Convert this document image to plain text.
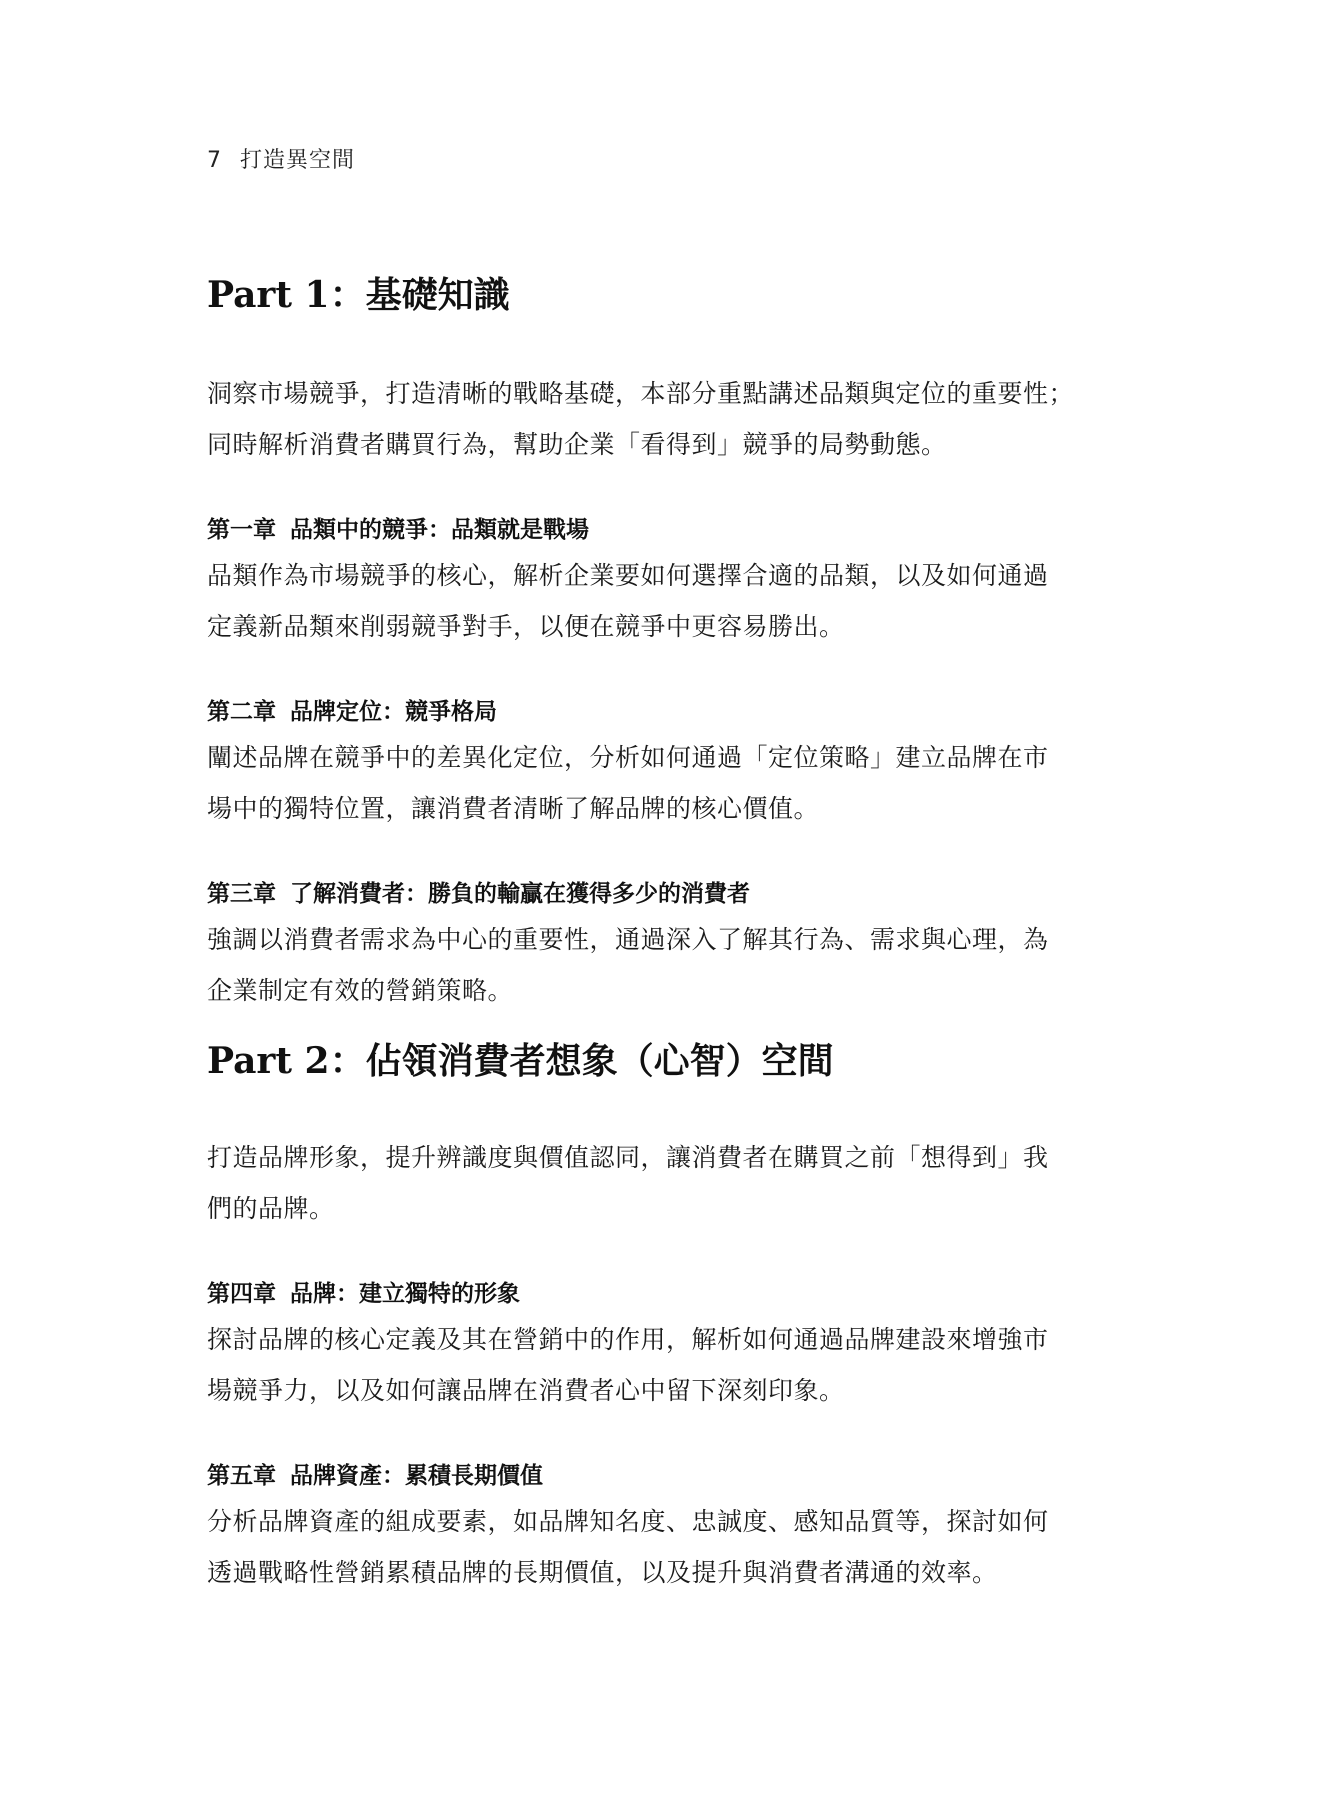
7 打造異空間
Part 1：基礎知識
洞察市場競爭，打造清晰的戰略基礎，本部分重點講述品類與定位的重要性；
同時解析消費者購買行為，幫助企業「看得到」競爭的局勢動態。
第一章 品類中的競爭：品類就是戰場
品類作為市場競爭的核心，解析企業要如何選擇合適的品類，以及如何通過
定義新品類來削弱競爭對手，以便在競爭中更容易勝出。
第二章 品牌定位：競爭格局
闡述品牌在競爭中的差異化定位，分析如何通過「定位策略」建立品牌在市
場中的獨特位置，讓消費者清晰了解品牌的核心價值。
第三章 了解消費者：勝負的輸贏在獲得多少的消費者
強調以消費者需求為中心的重要性，通過深入了解其行為、需求與心理，為
企業制定有效的營銷策略。
Part 2：佔領消費者想象（心智）空間
打造品牌形象，提升辨識度與價值認同，讓消費者在購買之前「想得到」我
們的品牌。
第四章 品牌：建立獨特的形象
探討品牌的核心定義及其在營銷中的作用，解析如何通過品牌建設來增強市
場競爭力，以及如何讓品牌在消費者心中留下深刻印象。
第五章 品牌資產：累積長期價值
分析品牌資產的組成要素，如品牌知名度、忠誠度、感知品質等，探討如何
透過戰略性營銷累積品牌的長期價值，以及提升與消費者溝通的效率。
